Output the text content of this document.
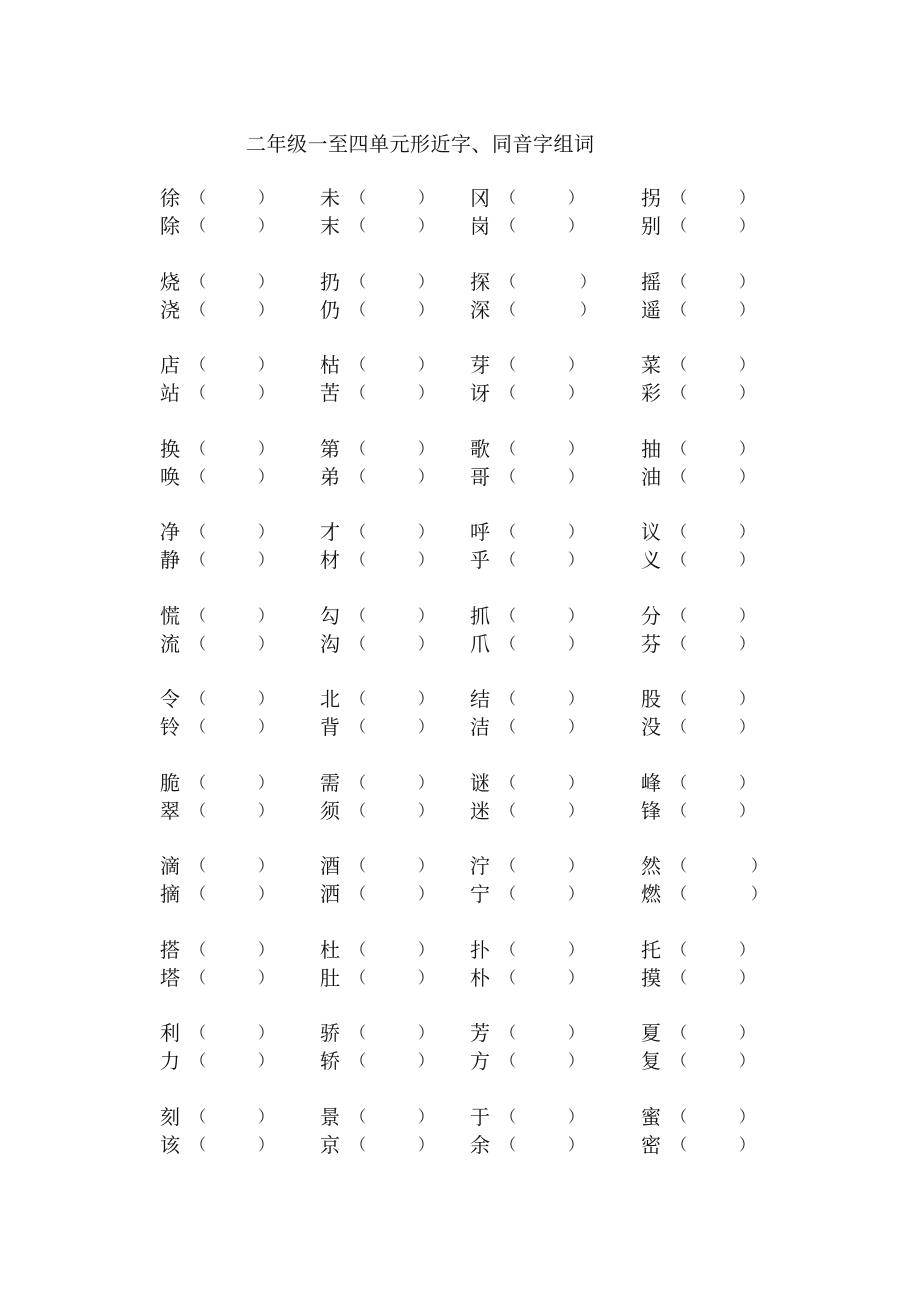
二年级一至四单元形近字、同音字组词
徐 （	） 未 （	） 冈 （	）	拐 （	）
除 （	） 末 （	） 岗 （	）	别 （	）
烧 （	） 扔 （	） 探 （	） 摇 （	）
浇 （	） 仍 （	） 深 （	） 遥 （	）
店 （	） 枯 （	） 芽 （	）	菜 （	）
站 （	） 苦 （	） 讶 （	）	彩 （	）
换 （	） 第 （	） 歌 （	）	抽 （	）
唤 （	） 弟 （	） 哥 （	）	油 （	）
净 （	） 才 （	） 呼 （	）	议 （	）
静 （	） 材 （	） 乎 （	）	义 （	）
慌 （	） 勾 （	） 抓 （	）	分 （	）
流 （	） 沟 （	） 爪 （	）	芬 （	）
令 （	） 北 （	） 结 （	）	股 （	）
铃 （	） 背 （	） 洁 （	）	没 （	）
脆 （	） 需 （	） 谜 （	）	峰 （	）
翠 （	） 须 （	） 迷 （	）	锋 （	）
滴 （	） 酒 （	） 泞 （	）	然 （	）
摘 （	） 洒 （	） 宁 （	）	燃 （	）
搭 （	） 杜 （	） 扑 （	）	托 （	）
塔 （	） 肚 （	） 朴 （	）	摸 （	）
利 （	） 骄 （	） 芳 （	）	夏 （	）
力 （	） 轿 （	） 方 （	）	复 （	）
刻 （	） 景 （	） 于 （	）	蜜 （	）
该 （	） 京 （	） 余 （	）	密 （	）
